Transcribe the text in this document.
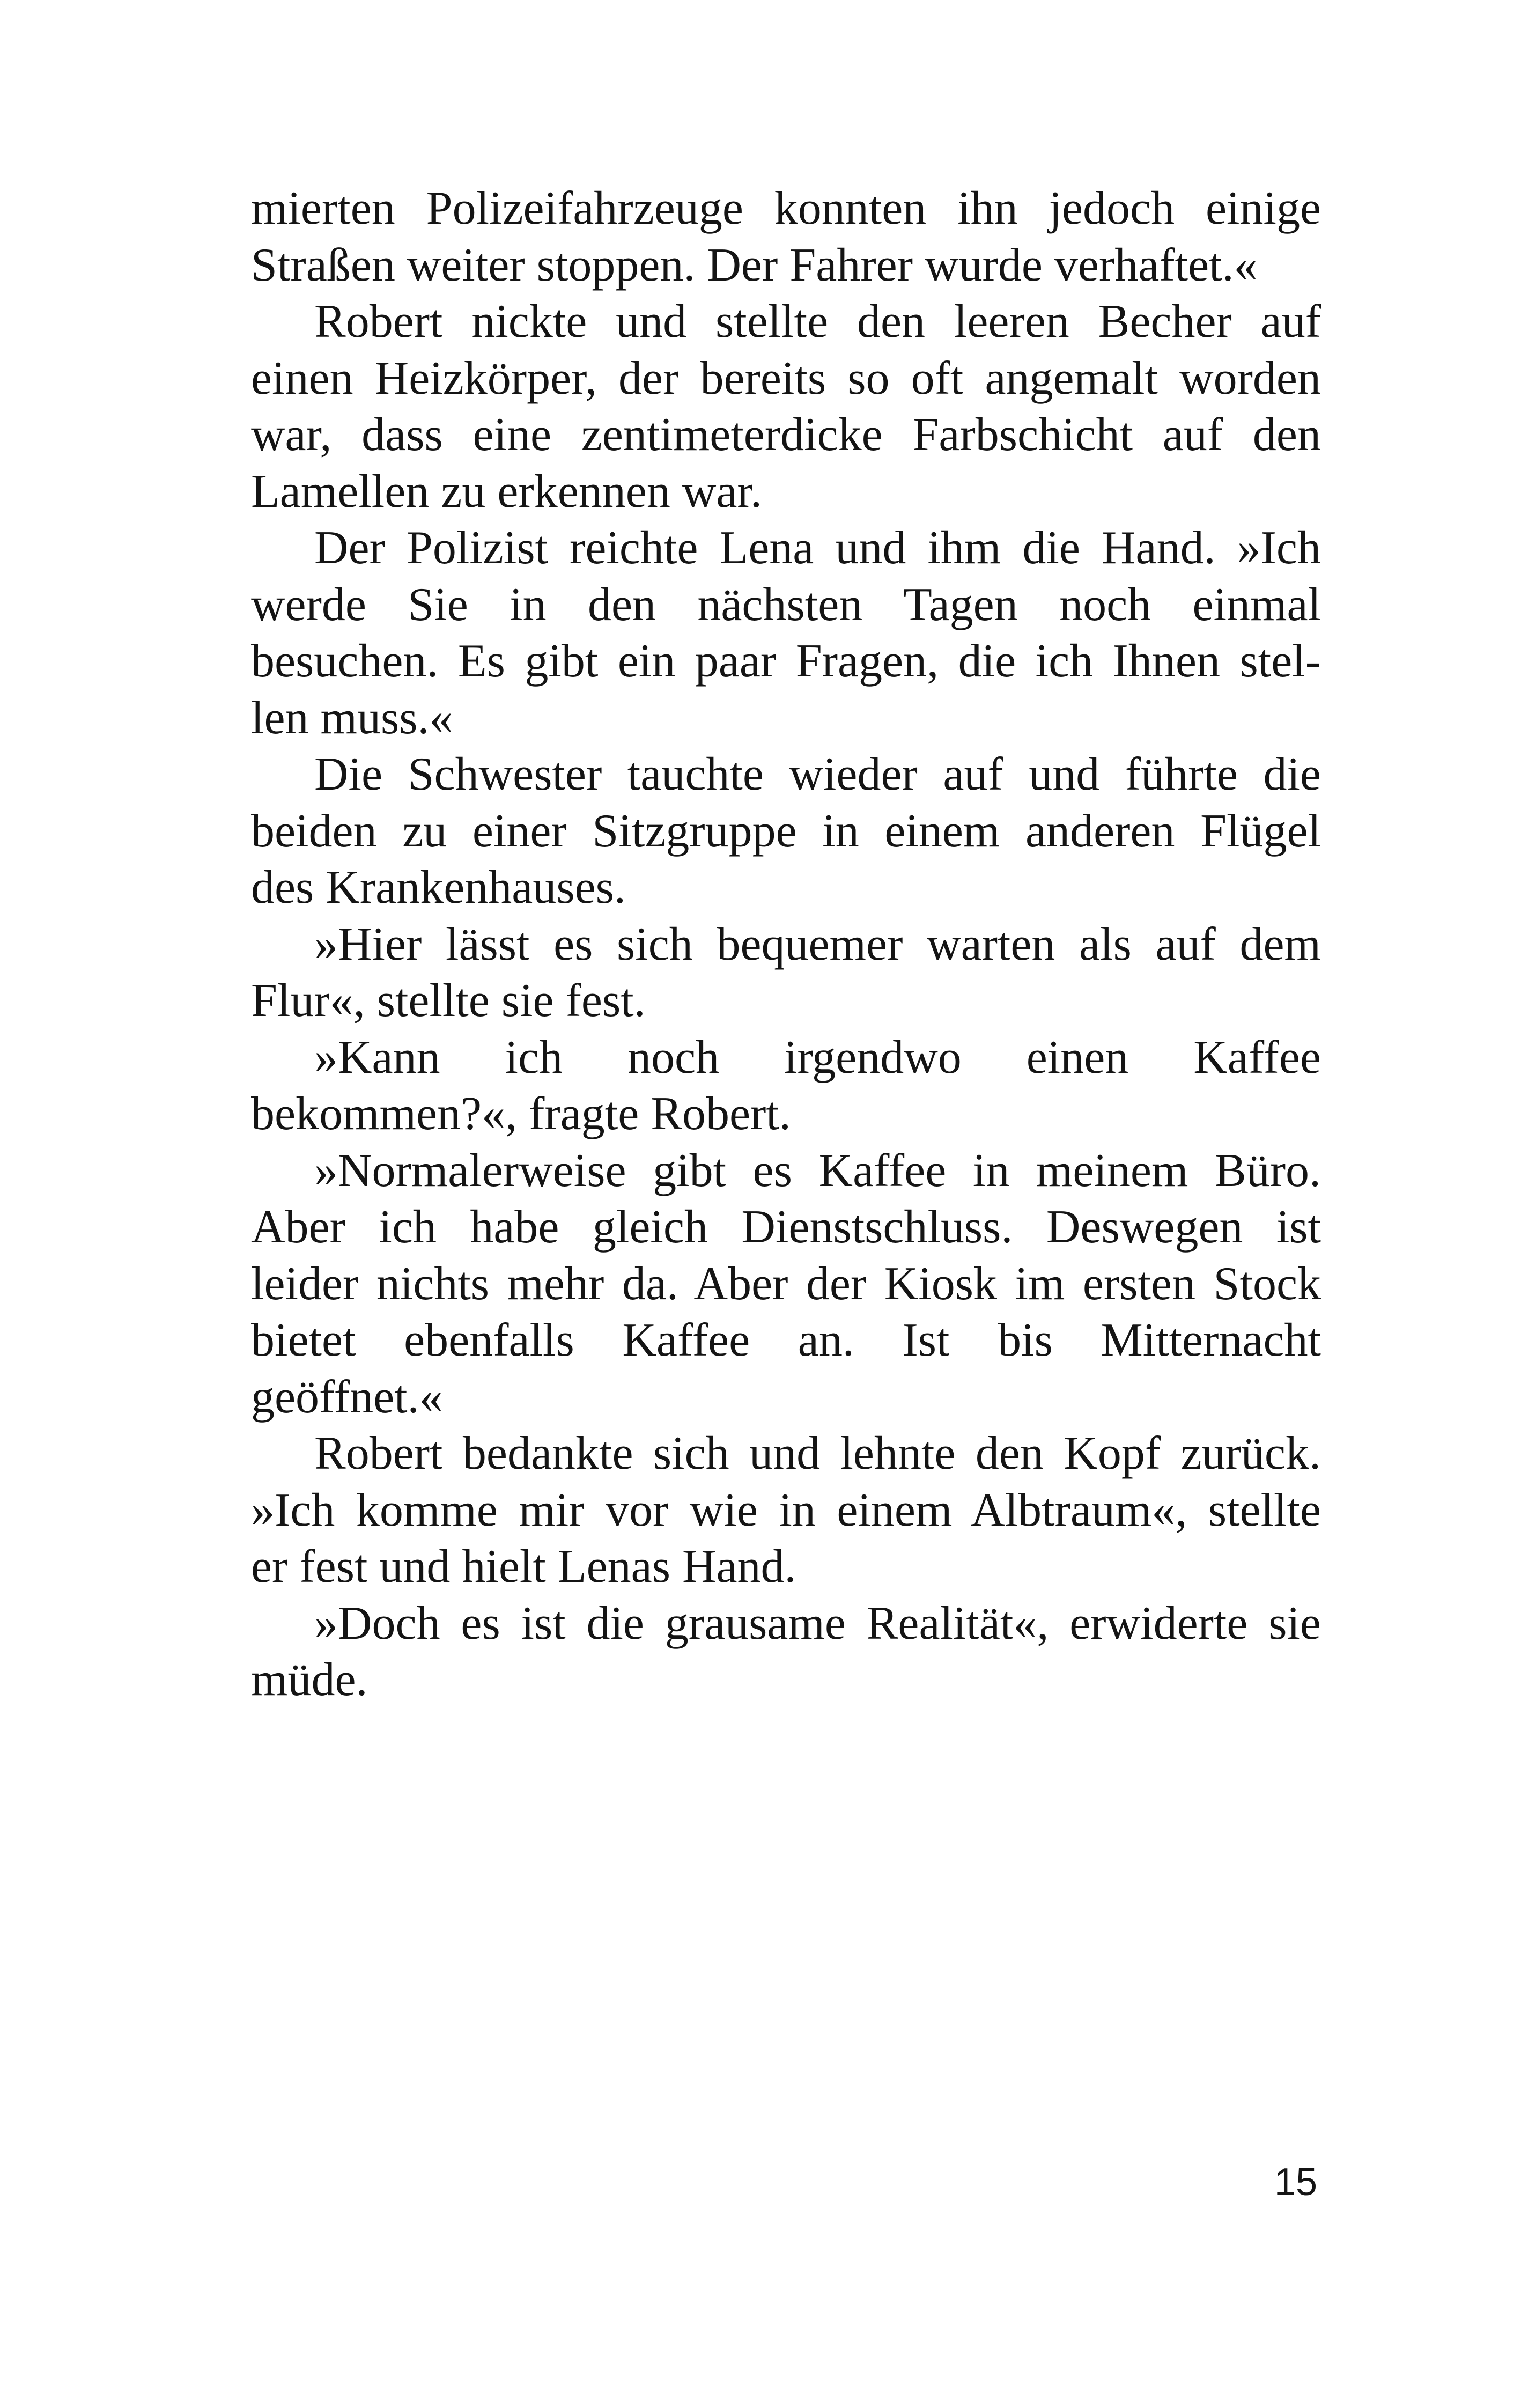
mierten Polizeifahrzeuge konnten ihn jedoch einige
Straßen weiter stoppen. Der Fahrer wurde verhaftet.«

Robert nickte und stellte den leeren Becher auf
einen Heizkörper, der bereits so oft angemalt worden
war, dass eine zentimeterdicke Farbschicht auf den
Lamellen zu erkennen war.

Der Polizist reichte Lena und ihm die Hand. »Ich
werde Sie in den nächsten Tagen noch einmal
besuchen. Es gibt ein paar Fragen, die ich Ihnen stel-
len muss.«

Die Schwester tauchte wieder auf und führte die
beiden zu einer Sitzgruppe in einem anderen Flügel
des Krankenhauses.

»Hier lässt es sich bequemer warten als auf dem
Flur«, stellte sie fest.

»Kann ich noch irgendwo einen Kaffee
bekommen?«, fragte Robert.

»Normalerweise gibt es Kaffee in meinem Büro.
Aber ich habe gleich Dienstschluss. Deswegen ist
leider nichts mehr da. Aber der Kiosk im ersten Stock
bietet ebenfalls Kaffee an. Ist bis Mitternacht
geöffnet.«

Robert bedankte sich und lehnte den Kopf zurück.
»Ich komme mir vor wie in einem Albtraum«, stellte
er fest und hielt Lenas Hand.

»Doch es ist die grausame Realität«, erwiderte sie
müde.

15
